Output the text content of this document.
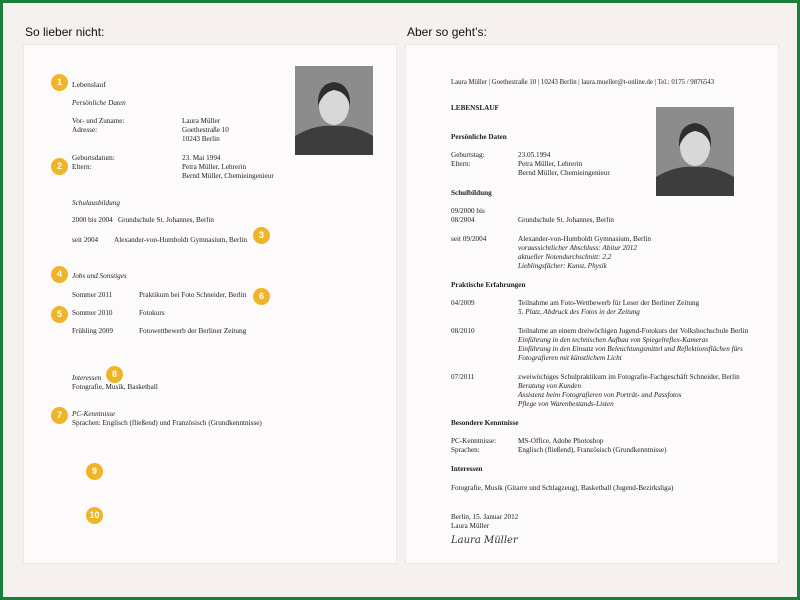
So lieber nicht:	Aber so geht’s:
Lebenslauf
Persönliche Daten
Vor- und Zuname:	Laura Müller
Adresse:	Goethestraße 10
10243 Berlin
Geburtsdatum:	23. Mai 1994
Eltern:	Petra Müller, Lehrerin
Bernd Müller, Chemieingenieur
Schulausbildung
2000 bis 2004 Grundschule St. Johannes, Berlin
seit 2004 Alexander-von-Humboldt Gymnasium, Berlin
Jobs und Sonstiges
Sommer 2011	Praktikum bei Foto Schneider, Berlin
Sommer 2010	Fotokurs
Frühling 2009	Fotowettbewerb der Berliner Zeitung
Interessen
Fotografie, Musik, Basketball
PC-Kenntnisse
Sprachen: Englisch (fließend) und Französisch (Grundkenntnisse)
1
2
3
4
5
6
7
8
9
10
Laura Müller | Goethestraße 10 | 10243 Berlin | laura.mueller@t-online.de | Tel.: 0175 / 9876543
LEBENSLAUF
Persönliche Daten
Geburtstag:	23.05.1994
Eltern:	Petra Müller, Lehrerin
Bernd Müller, Chemieingenieur
Schulbildung
09/2000 bis
08/2004	Grundschule St. Johannes, Berlin
seit 09/2004	Alexander-von-Humboldt Gymnasium, Berlin
voraussichtlicher Abschluss: Abitur 2012
aktueller Notendurchschnitt: 2,2
Lieblingsfächer: Kunst, Physik
Praktische Erfahrungen
04/2009	Teilnahme am Foto-Wettbewerb für Leser der Berliner Zeitung
5. Platz, Abdruck des Fotos in der Zeitung
08/2010	Teilnahme an einem dreiwöchigen Jugend-Fotokurs der Volkshochschule Berlin
Einführung in den technischen Aufbau von Spiegelreflex-Kameras
Einführung in den Einsatz von Beleuchtungsmittel und Reflektionsflächen fürs
Fotografieren mit künstlichem Licht
07/2011	zweiwöchiges Schulpraktikum im Fotografie-Fachgeschäft Schneider, Berlin
Beratung von Kunden
Assistenz beim Fotografieren von Porträt- und Passfotos
Pflege von Warenbestands-Listen
Besondere Kenntnisse
PC-Kenntnisse:	MS-Office, Adobe Photoshop
Sprachen:	Englisch (fließend), Französisch (Grundkenntnisse)
Interessen
Fotografie, Musik (Gitarre und Schlagzeug), Basketball (Jugend-Bezirksliga)
Berlin, 15. Januar 2012
Laura Müller
Laura Müller
